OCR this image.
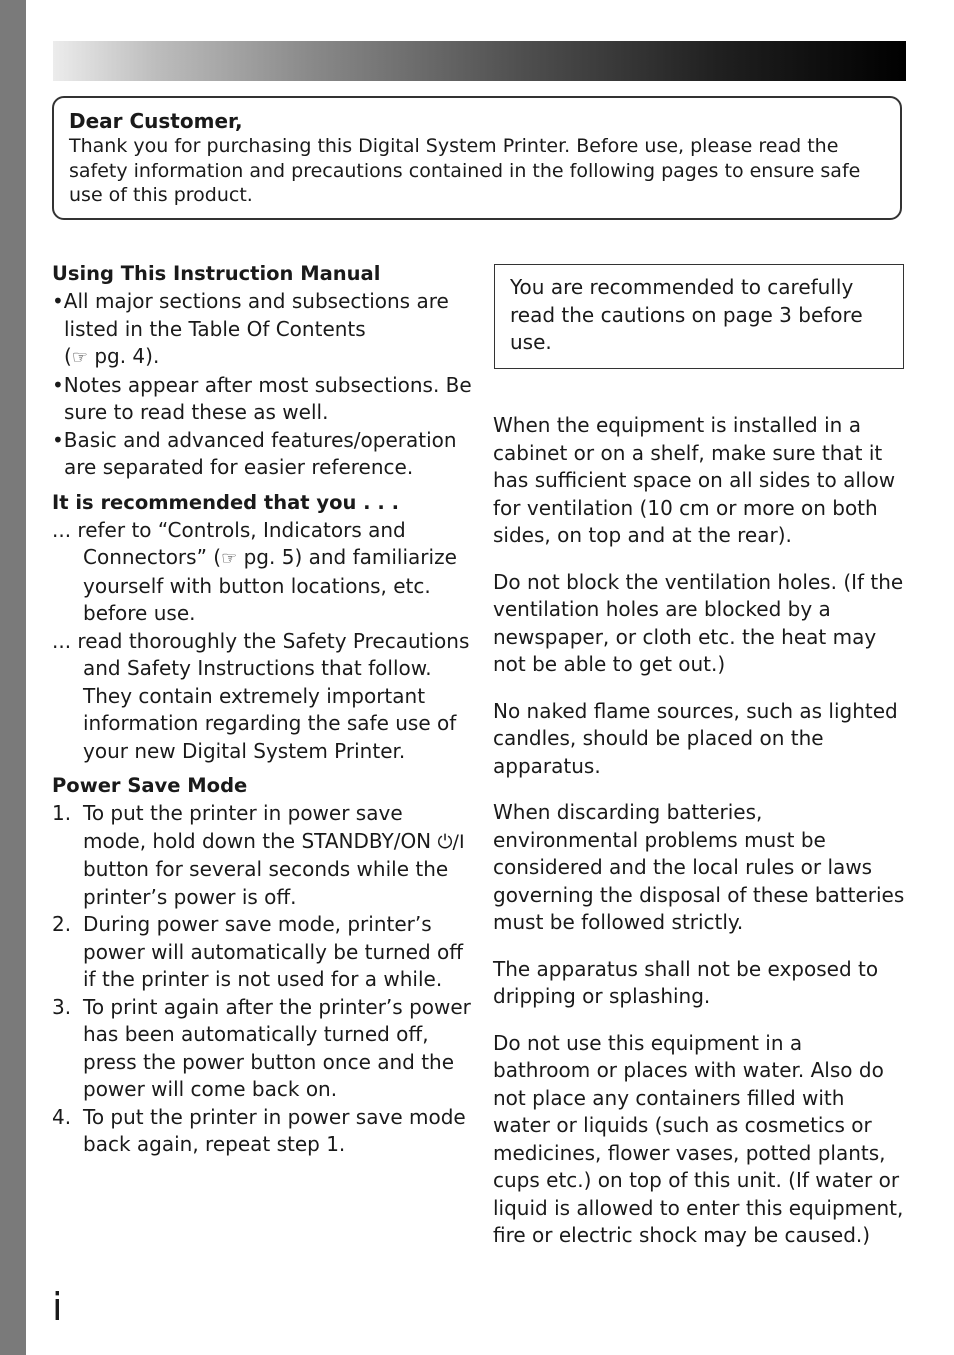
Dear Customer,

Thank you for purchasing this Digital System Printer. Before use, please read the safety information and precautions contained in the following pages to ensure safe use of this product.

Using This Instruction Manual

•All major sections and subsections are listed in the Table Of Contents
(☞ pg. 4).

•Notes appear after most subsections. Be sure to read these as well.

•Basic and advanced features/operation are separated for easier reference.

It is recommended that you . . .

... refer to “Controls, Indicators and Connectors” (☞ pg. 5) and familiarize yourself with button locations, etc. before use.

... read thoroughly the Safety Precautions and Safety Instructions that follow. They contain extremely important information regarding the safe use of your new Digital System Printer.

Power Save Mode

1. To put the printer in power save mode, hold down the STANDBY/ON ⏻/I button for several seconds while the printer’s power is off.

2. During power save mode, printer’s power will automatically be turned off if the printer is not used for a while.

3. To print again after the printer’s power has been automatically turned off, press the power button once and the power will come back on.

4. To put the printer in power save mode back again, repeat step 1.

You are recommended to carefully read the cautions on page 3 before use.

When the equipment is installed in a cabinet or on a shelf, make sure that it has sufficient space on all sides to allow for ventilation (10 cm or more on both sides, on top and at the rear).

Do not block the ventilation holes. (If the ventilation holes are blocked by a newspaper, or cloth etc. the heat may not be able to get out.)

No naked flame sources, such as lighted candles, should be placed on the apparatus.

When discarding batteries, environmental problems must be considered and the local rules or laws governing the disposal of these batteries must be followed strictly.

The apparatus shall not be exposed to dripping or splashing.

Do not use this equipment in a bathroom or places with water. Also do not place any containers filled with water or liquids (such as cosmetics or medicines, flower vases, potted plants, cups etc.) on top of this unit. (If water or liquid is allowed to enter this equipment, fire or electric shock may be caused.)

i
